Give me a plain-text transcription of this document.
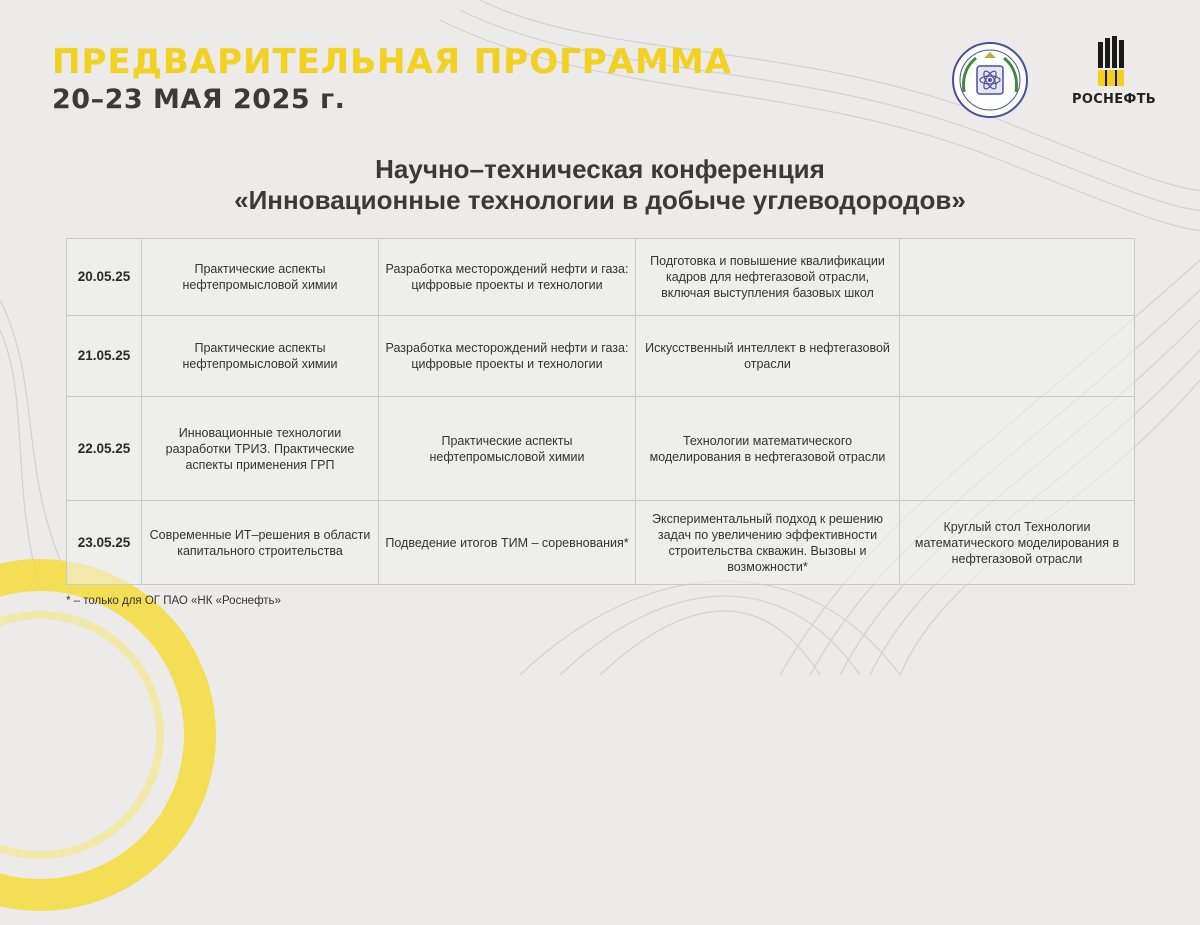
ПРЕДВАРИТЕЛЬНАЯ ПРОГРАММА
20–23 МАЯ 2025 г.	РОСНЕФТЬ
Научно–техническая конференция
«Инновационные технологии в добыче углеводородов»
20.05.25	Практические аспекты нефтепромысловой химии	Разработка месторождений нефти и газа: цифровые проекты и технологии	Подготовка и повышение квалификации кадров для нефтегазовой отрасли, включая выступления базовых школ	
21.05.25	Практические аспекты нефтепромысловой химии	Разработка месторождений нефти и газа: цифровые проекты и технологии	Искусственный интеллект в нефтегазовой отрасли	
22.05.25	Инновационные технологии разработки ТРИЗ. Практические аспекты применения ГРП	Практические аспекты нефтепромысловой химии	Технологии математического моделирования в нефтегазовой отрасли	
23.05.25	Современные ИТ–решения в области капитального строительства	Подведение итогов ТИМ – соревнования*	Экспериментальный подход к решению задач по увеличению эффективности строительства скважин. Вызовы и возможности*	Круглый стол Технологии математического моделирования в нефтегазовой отрасли
* – только для ОГ ПАО «НК «Роснефть»
